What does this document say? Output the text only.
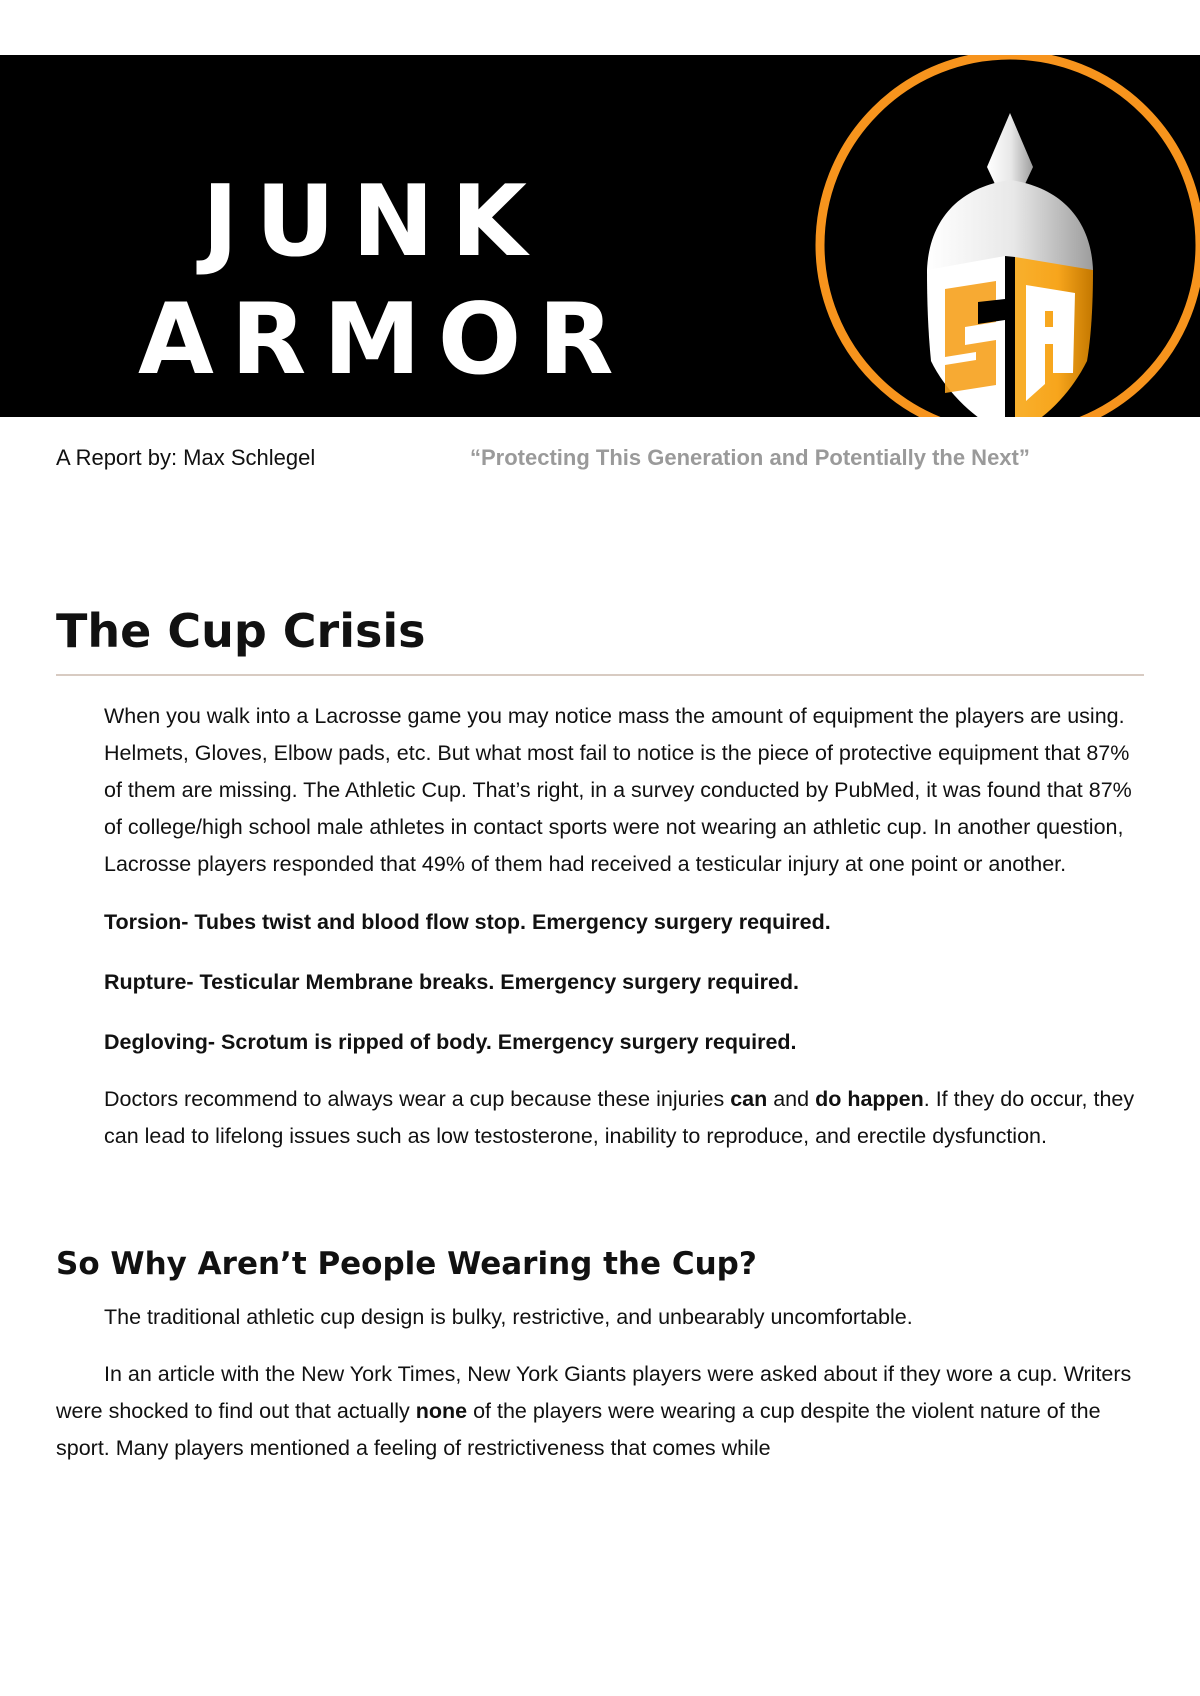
JUNK
ARMOR
A Report by: Max Schlegel	“Protecting This Generation and Potentially the Next”
The Cup Crisis

When you walk into a Lacrosse game you may notice mass the amount of equipment the players are using. Helmets, Gloves, Elbow pads, etc. But what most fail to notice is the piece of protective equipment that 87% of them are missing. The Athletic Cup. That’s right, in a survey conducted by PubMed, it was found that 87% of college/high school male athletes in contact sports were not wearing an athletic cup. In another question, Lacrosse players responded that 49% of them had received a testicular injury at one point or another.

Torsion- Tubes twist and blood flow stop. Emergency surgery required.

Rupture- Testicular Membrane breaks. Emergency surgery required.

Degloving- Scrotum is ripped of body. Emergency surgery required.

Doctors recommend to always wear a cup because these injuries can and do happen. If they do occur, they can lead to lifelong issues such as low testosterone, inability to reproduce, and erectile dysfunction.

So Why Aren’t People Wearing the Cup?

The traditional athletic cup design is bulky, restrictive, and unbearably uncomfortable.

In an article with the New York Times, New York Giants players were asked about if they wore a cup. Writers were shocked to find out that actually none of the players were wearing a cup despite the violent nature of the sport. Many players mentioned a feeling of restrictiveness that comes while
